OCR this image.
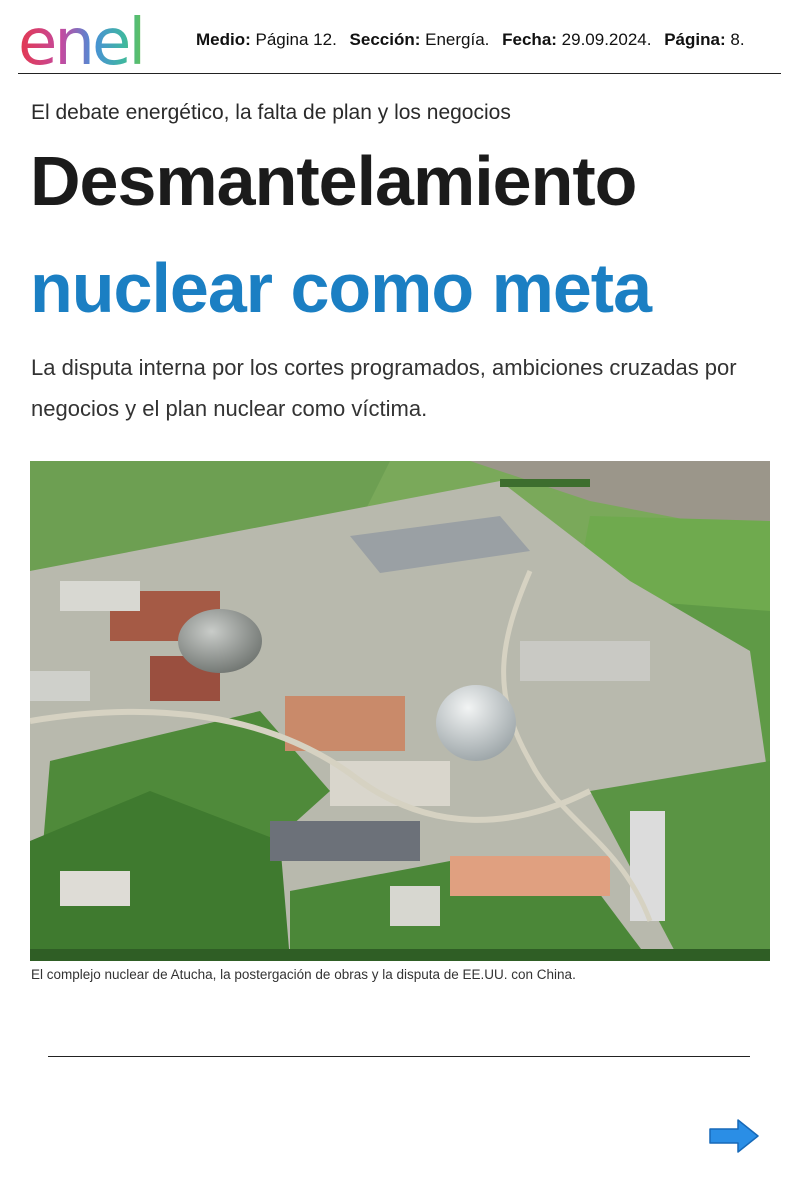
enel	Medio: Página 12. Sección: Energía. Fecha: 29.09.2024. Página: 8.
El debate energético, la falta de plan y los negocios
Desmantelamiento
nuclear como meta
La disputa interna por los cortes programados, ambiciones cruzadas por negocios y el plan nuclear como víctima.
El complejo nuclear de Atucha, la postergación de obras y la disputa de EE.UU. con China.
